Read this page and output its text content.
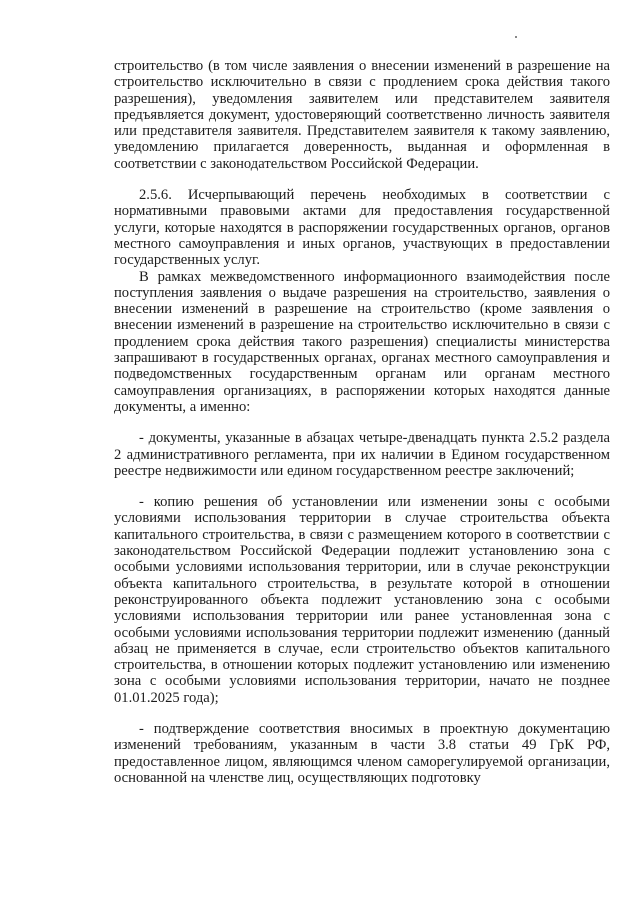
строительство (в том числе заявления о внесении изменений в разрешение на строительство исключительно в связи с продлением срока действия такого разрешения), уведомления заявителем или представителем заявителя предъявляется документ, удостоверяющий соответственно личность заявителя или представителя заявителя. Представителем заявителя к такому заявлению, уведомлению прилагается доверенность, выданная и оформленная в соответствии с законодательством Российской Федерации.

2.5.6. Исчерпывающий перечень необходимых в соответствии с нормативными правовыми актами для предоставления государственной услуги, которые находятся в распоряжении государственных органов, органов местного самоуправления и иных органов, участвующих в предоставлении государственных услуг.

В рамках межведомственного информационного взаимодействия после поступления заявления о выдаче разрешения на строительство, заявления о внесении изменений в разрешение на строительство (кроме заявления о внесении изменений в разрешение на строительство исключительно в связи с продлением срока действия такого разрешения) специалисты министерства запрашивают в государственных органах, органах местного самоуправления и подведомственных государственным органам или органам местного самоуправления организациях, в распоряжении которых находятся данные документы, а именно:

- документы, указанные в абзацах четыре-двенадцать пункта 2.5.2 раздела 2 административного регламента, при их наличии в Едином государственном реестре недвижимости или едином государственном реестре заключений;

- копию решения об установлении или изменении зоны с особыми условиями использования территории в случае строительства объекта капитального строительства, в связи с размещением которого в соответствии с законодательством Российской Федерации подлежит установлению зона с особыми условиями использования территории, или в случае реконструкции объекта капитального строительства, в результате которой в отношении реконструированного объекта подлежит установлению зона с особыми условиями использования территории или ранее установленная зона с особыми условиями использования территории подлежит изменению (данный абзац не применяется в случае, если строительство объектов капитального строительства, в отношении которых подлежит установлению или изменению зона с особыми условиями использования территории, начато не позднее 01.01.2025 года);

- подтверждение соответствия вносимых в проектную документацию изменений требованиям, указанным в части 3.8 статьи 49 ГрК РФ, предоставленное лицом, являющимся членом саморегулируемой организации, основанной на членстве лиц, осуществляющих подготовку
